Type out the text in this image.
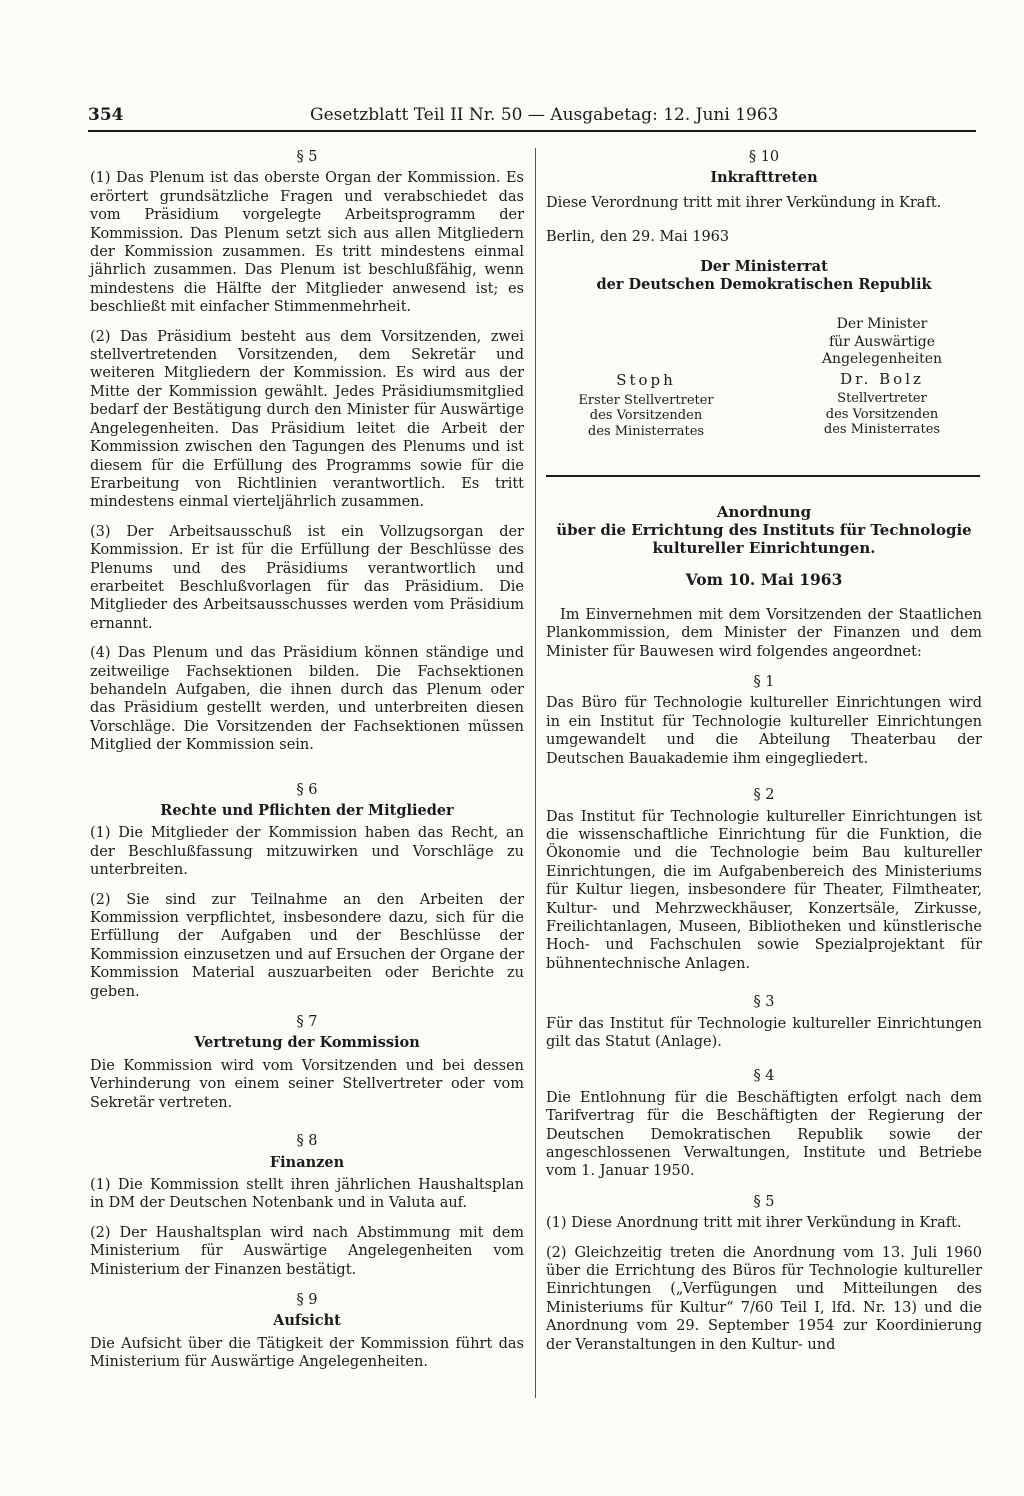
354	Gesetzblatt Teil II Nr. 50 — Ausgabetag: 12. Juni 1963
§ 5

(1) Das Plenum ist das oberste Organ der Kommission. Es erörtert grundsätzliche Fragen und verabschiedet das vom Präsidium vorgelegte Arbeitsprogramm der Kommission. Das Plenum setzt sich aus allen Mitgliedern der Kommission zusammen. Es tritt mindestens einmal jährlich zusammen. Das Plenum ist beschlußfähig, wenn mindestens die Hälfte der Mitglieder anwesend ist; es beschließt mit einfacher Stimmenmehrheit.

(2) Das Präsidium besteht aus dem Vorsitzenden, zwei stellvertretenden Vorsitzenden, dem Sekretär und weiteren Mitgliedern der Kommission. Es wird aus der Mitte der Kommission gewählt. Jedes Präsidiumsmitglied bedarf der Bestätigung durch den Minister für Auswärtige Angelegenheiten. Das Präsidium leitet die Arbeit der Kommission zwischen den Tagungen des Plenums und ist diesem für die Erfüllung des Programms sowie für die Erarbeitung von Richtlinien verantwortlich. Es tritt mindestens einmal vierteljährlich zusammen.

(3) Der Arbeitsausschuß ist ein Vollzugsorgan der Kommission. Er ist für die Erfüllung der Beschlüsse des Plenums und des Präsidiums verantwortlich und erarbeitet Beschlußvorlagen für das Präsidium. Die Mitglieder des Arbeitsausschusses werden vom Präsidium ernannt.

(4) Das Plenum und das Präsidium können ständige und zeitweilige Fachsektionen bilden. Die Fachsektionen behandeln Aufgaben, die ihnen durch das Plenum oder das Präsidium gestellt werden, und unterbreiten diesen Vorschläge. Die Vorsitzenden der Fachsektionen müssen Mitglied der Kommission sein.

§ 6
Rechte und Pflichten der Mitglieder

(1) Die Mitglieder der Kommission haben das Recht, an der Beschlußfassung mitzuwirken und Vorschläge zu unterbreiten.

(2) Sie sind zur Teilnahme an den Arbeiten der Kommission verpflichtet, insbesondere dazu, sich für die Erfüllung der Aufgaben und der Beschlüsse der Kommission einzusetzen und auf Ersuchen der Organe der Kommission Material auszuarbeiten oder Berichte zu geben.

§ 7
Vertretung der Kommission

Die Kommission wird vom Vorsitzenden und bei dessen Verhinderung von einem seiner Stellvertreter oder vom Sekretär vertreten.

§ 8
Finanzen

(1) Die Kommission stellt ihren jährlichen Haushaltsplan in DM der Deutschen Notenbank und in Valuta auf.

(2) Der Haushaltsplan wird nach Abstimmung mit dem Ministerium für Auswärtige Angelegenheiten vom Ministerium der Finanzen bestätigt.

§ 9
Aufsicht

Die Aufsicht über die Tätigkeit der Kommission führt das Ministerium für Auswärtige Angelegenheiten.

§ 10
Inkrafttreten

Diese Verordnung tritt mit ihrer Verkündung in Kraft.

Berlin, den 29. Mai 1963

Der Ministerrat
der Deutschen Demokratischen Republik
Stoph
Erster Stellvertreter
des Vorsitzenden
des Ministerrates
Der Minister
für Auswärtige
Angelegenheiten
Dr. Bolz
Stellvertreter
des Vorsitzenden
des Ministerrates
Anordnung
über die Errichtung des Instituts für Technologie
kultureller Einrichtungen.
Vom 10. Mai 1963

Im Einvernehmen mit dem Vorsitzenden der Staatlichen Plankommission, dem Minister der Finanzen und dem Minister für Bauwesen wird folgendes angeordnet:

§ 1

Das Büro für Technologie kultureller Einrichtungen wird in ein Institut für Technologie kultureller Einrichtungen umgewandelt und die Abteilung Theaterbau der Deutschen Bauakademie ihm eingegliedert.

§ 2

Das Institut für Technologie kultureller Einrichtungen ist die wissenschaftliche Einrichtung für die Funktion, die Ökonomie und die Technologie beim Bau kultureller Einrichtungen, die im Aufgabenbereich des Ministeriums für Kultur liegen, insbesondere für Theater, Filmtheater, Kultur- und Mehrzweckhäuser, Konzertsäle, Zirkusse, Freilichtanlagen, Museen, Bibliotheken und künstlerische Hoch- und Fachschulen sowie Spezialprojektant für bühnentechnische Anlagen.

§ 3

Für das Institut für Technologie kultureller Einrichtungen gilt das Statut (Anlage).

§ 4

Die Entlohnung für die Beschäftigten erfolgt nach dem Tarifvertrag für die Beschäftigten der Regierung der Deutschen Demokratischen Republik sowie der angeschlossenen Verwaltungen, Institute und Betriebe vom 1. Januar 1950.

§ 5

(1) Diese Anordnung tritt mit ihrer Verkündung in Kraft.

(2) Gleichzeitig treten die Anordnung vom 13. Juli 1960 über die Errichtung des Büros für Technologie kultureller Einrichtungen („Verfügungen und Mitteilungen des Ministeriums für Kultur“ 7/60 Teil I, lfd. Nr. 13) und die Anordnung vom 29. September 1954 zur Koordinierung der Veranstaltungen in den Kultur- und
